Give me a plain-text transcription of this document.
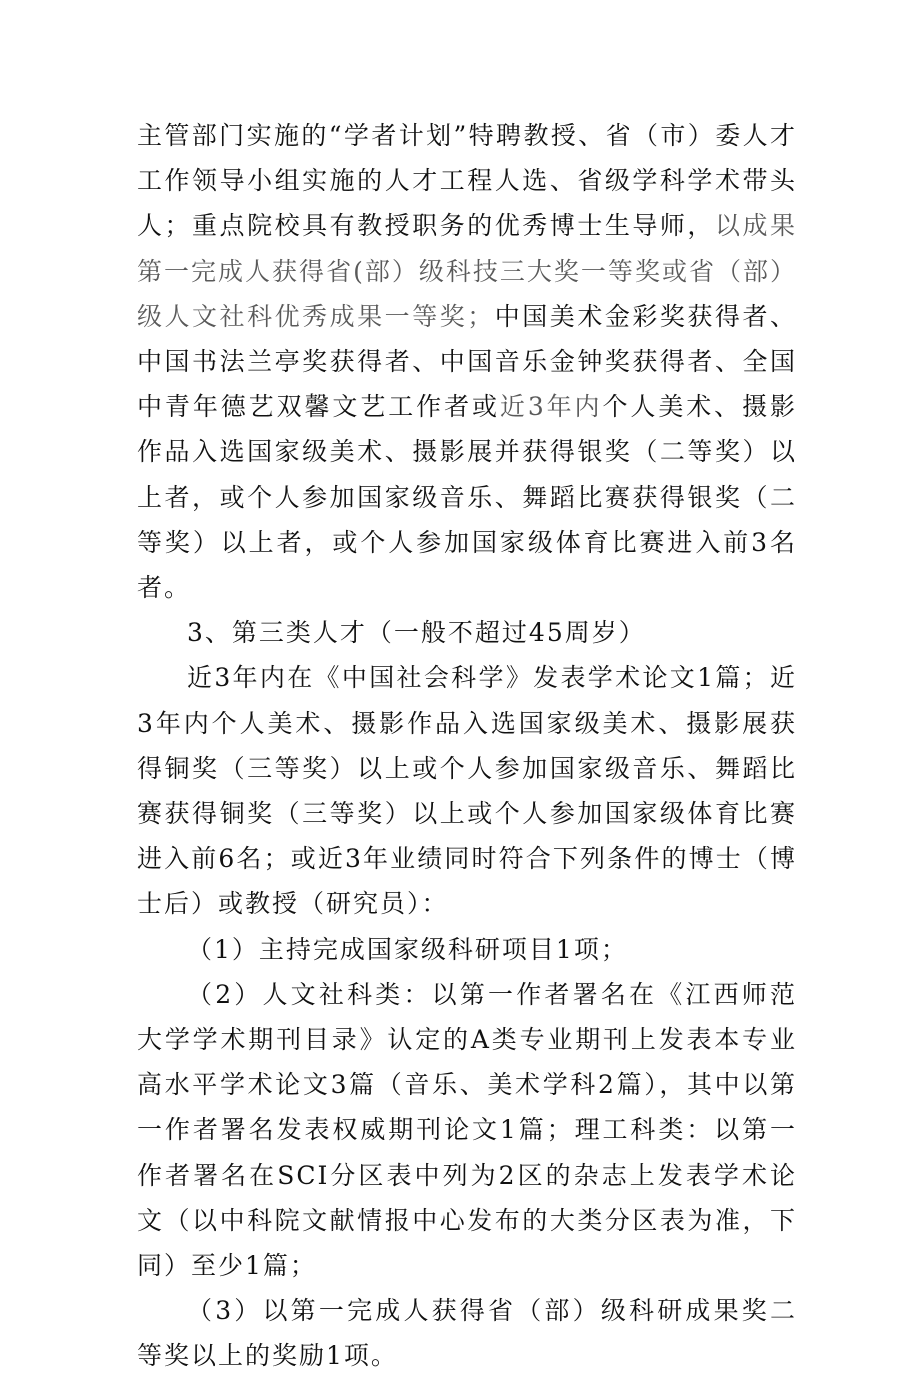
主管部门实施的“学者计划”特聘教授、省（市）委人才工作领导小组实施的人才工程人选、省级学科学术带头人；重点院校具有教授职务的优秀博士生导师，以成果第一完成人获得省(部）级科技三大奖一等奖或省（部）级人文社科优秀成果一等奖；中国美术金彩奖获得者、中国书法兰亭奖获得者、中国音乐金钟奖获得者、全国中青年德艺双馨文艺工作者或近3年内个人美术、摄影作品入选国家级美术、摄影展并获得银奖（二等奖）以上者，或个人参加国家级音乐、舞蹈比赛获得银奖（二等奖）以上者，或个人参加国家级体育比赛进入前3名者。

3、第三类人才（一般不超过45周岁）

近3年内在《中国社会科学》发表学术论文1篇；近3年内个人美术、摄影作品入选国家级美术、摄影展获得铜奖（三等奖）以上或个人参加国家级音乐、舞蹈比赛获得铜奖（三等奖）以上或个人参加国家级体育比赛进入前6名；或近3年业绩同时符合下列条件的博士（博士后）或教授（研究员）：

（1）主持完成国家级科研项目1项；

（2）人文社科类：以第一作者署名在《江西师范大学学术期刊目录》认定的A类专业期刊上发表本专业高水平学术论文3篇（音乐、美术学科2篇），其中以第一作者署名发表权威期刊论文1篇；理工科类：以第一作者署名在SCI分区表中列为2区的杂志上发表学术论文（以中科院文献情报中心发布的大类分区表为准，下同）至少1篇；

（3）以第一完成人获得省（部）级科研成果奖二等奖以上的奖励1项。
